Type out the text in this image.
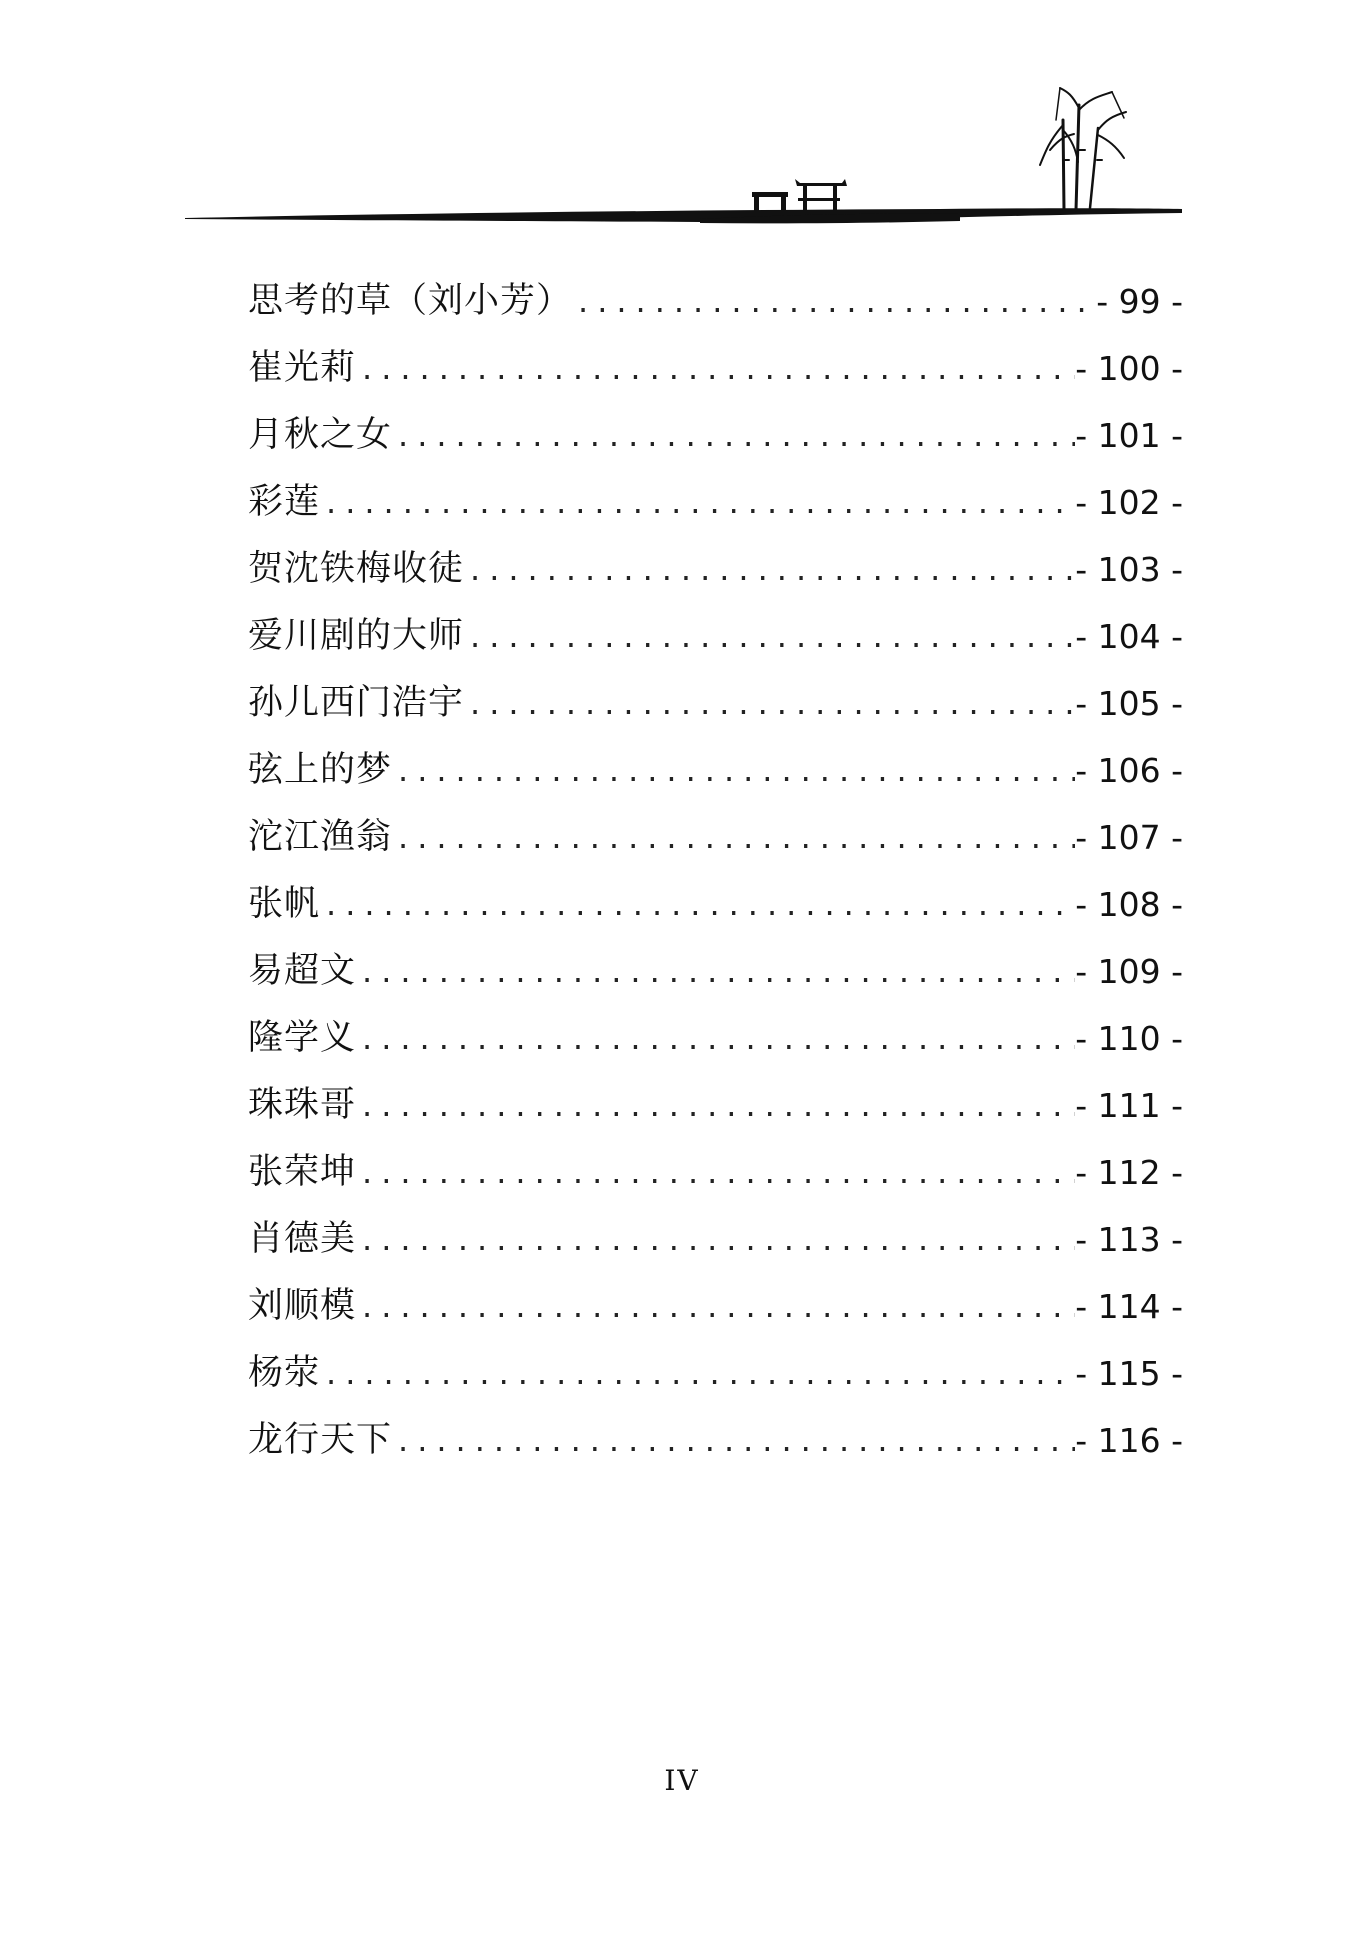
思考的草（刘小芳） .....	- 99 -
崔光莉 .....	- 100 -
月秋之女 .....	- 101 -
彩莲 .....	- 102 -
贺沈铁梅收徒 .....	- 103 -
爱川剧的大师 .....	- 104 -
孙儿西门浩宇 .....	- 105 -
弦上的梦 .....	- 106 -
沱江渔翁 .....	- 107 -
张帆 .....	- 108 -
易超文 .....	- 109 -
隆学义 .....	- 110 -
珠珠哥 .....	- 111 -
张荣坤 .....	- 112 -
肖德美 .....	- 113 -
刘顺模 .....	- 114 -
杨荥 .....	- 115 -
龙行天下 .....	- 116 -
IV
